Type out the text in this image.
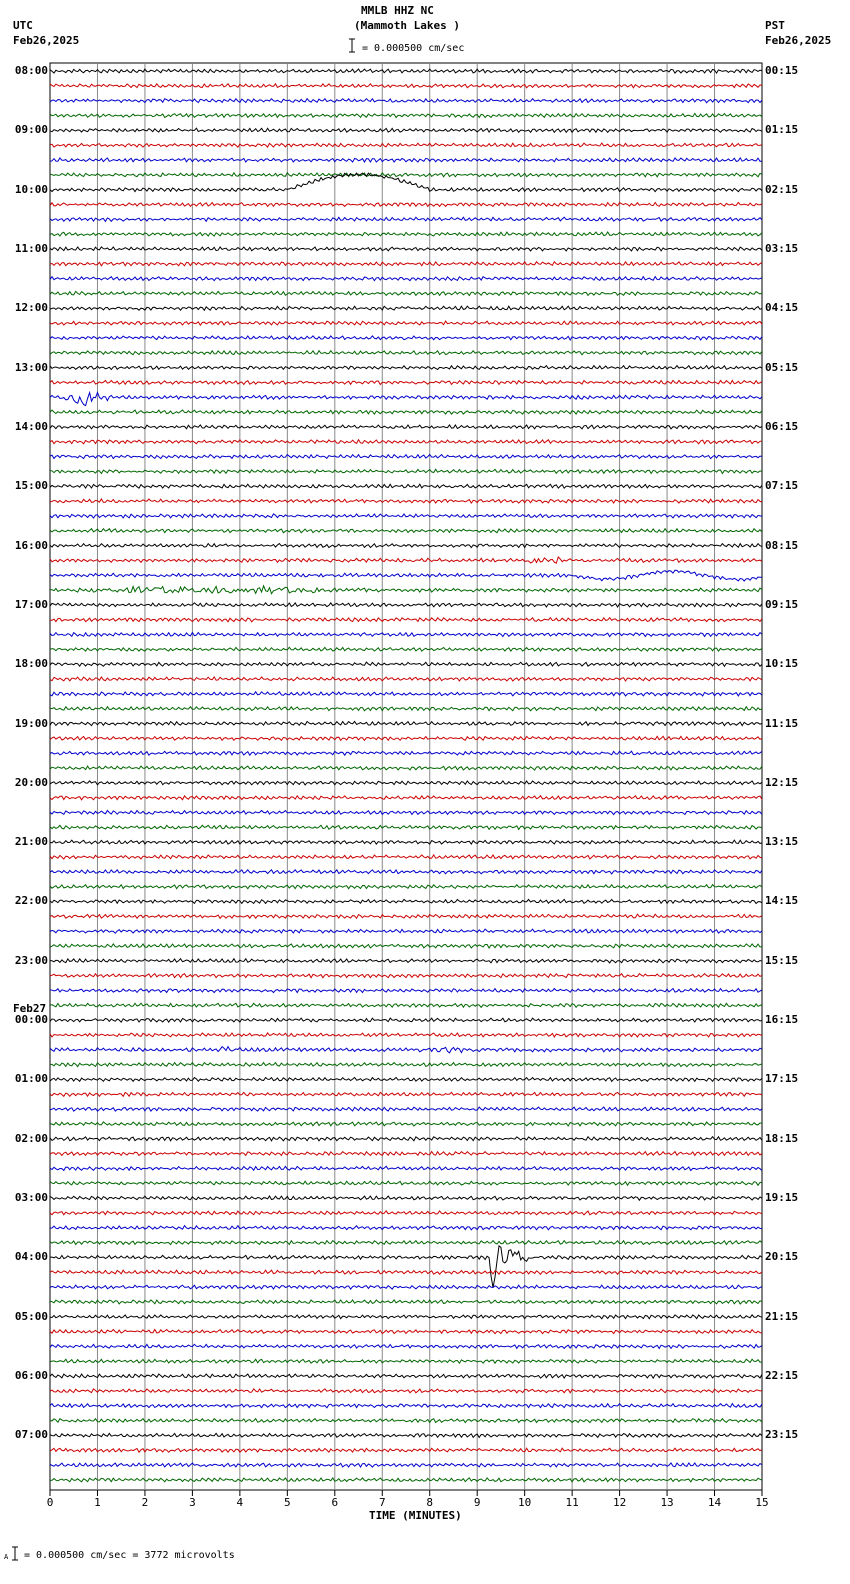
MMLB HHZ NC
(Mammoth Lakes )
= 0.000500 cm/sec
UTC
Feb26,2025
PST
Feb26,2025
08:00
09:00
10:00
11:00
12:00
13:00
14:00
15:00
16:00
17:00
18:00
19:00
20:00
21:00
22:00
23:00
00:00
01:00
02:00
03:00
04:00
05:00
06:00
07:00
00:15
01:15
02:15
03:15
04:15
05:15
06:15
07:15
08:15
09:15
10:15
11:15
12:15
13:15
14:15
15:15
16:15
17:15
18:15
19:15
20:15
21:15
22:15
23:15
0	1	2	3	4	5	6	7	8	9	10	11	12	13	14	15
TIME (MINUTES)
Feb27
A = 0.000500 cm/sec = 3772 microvolts
